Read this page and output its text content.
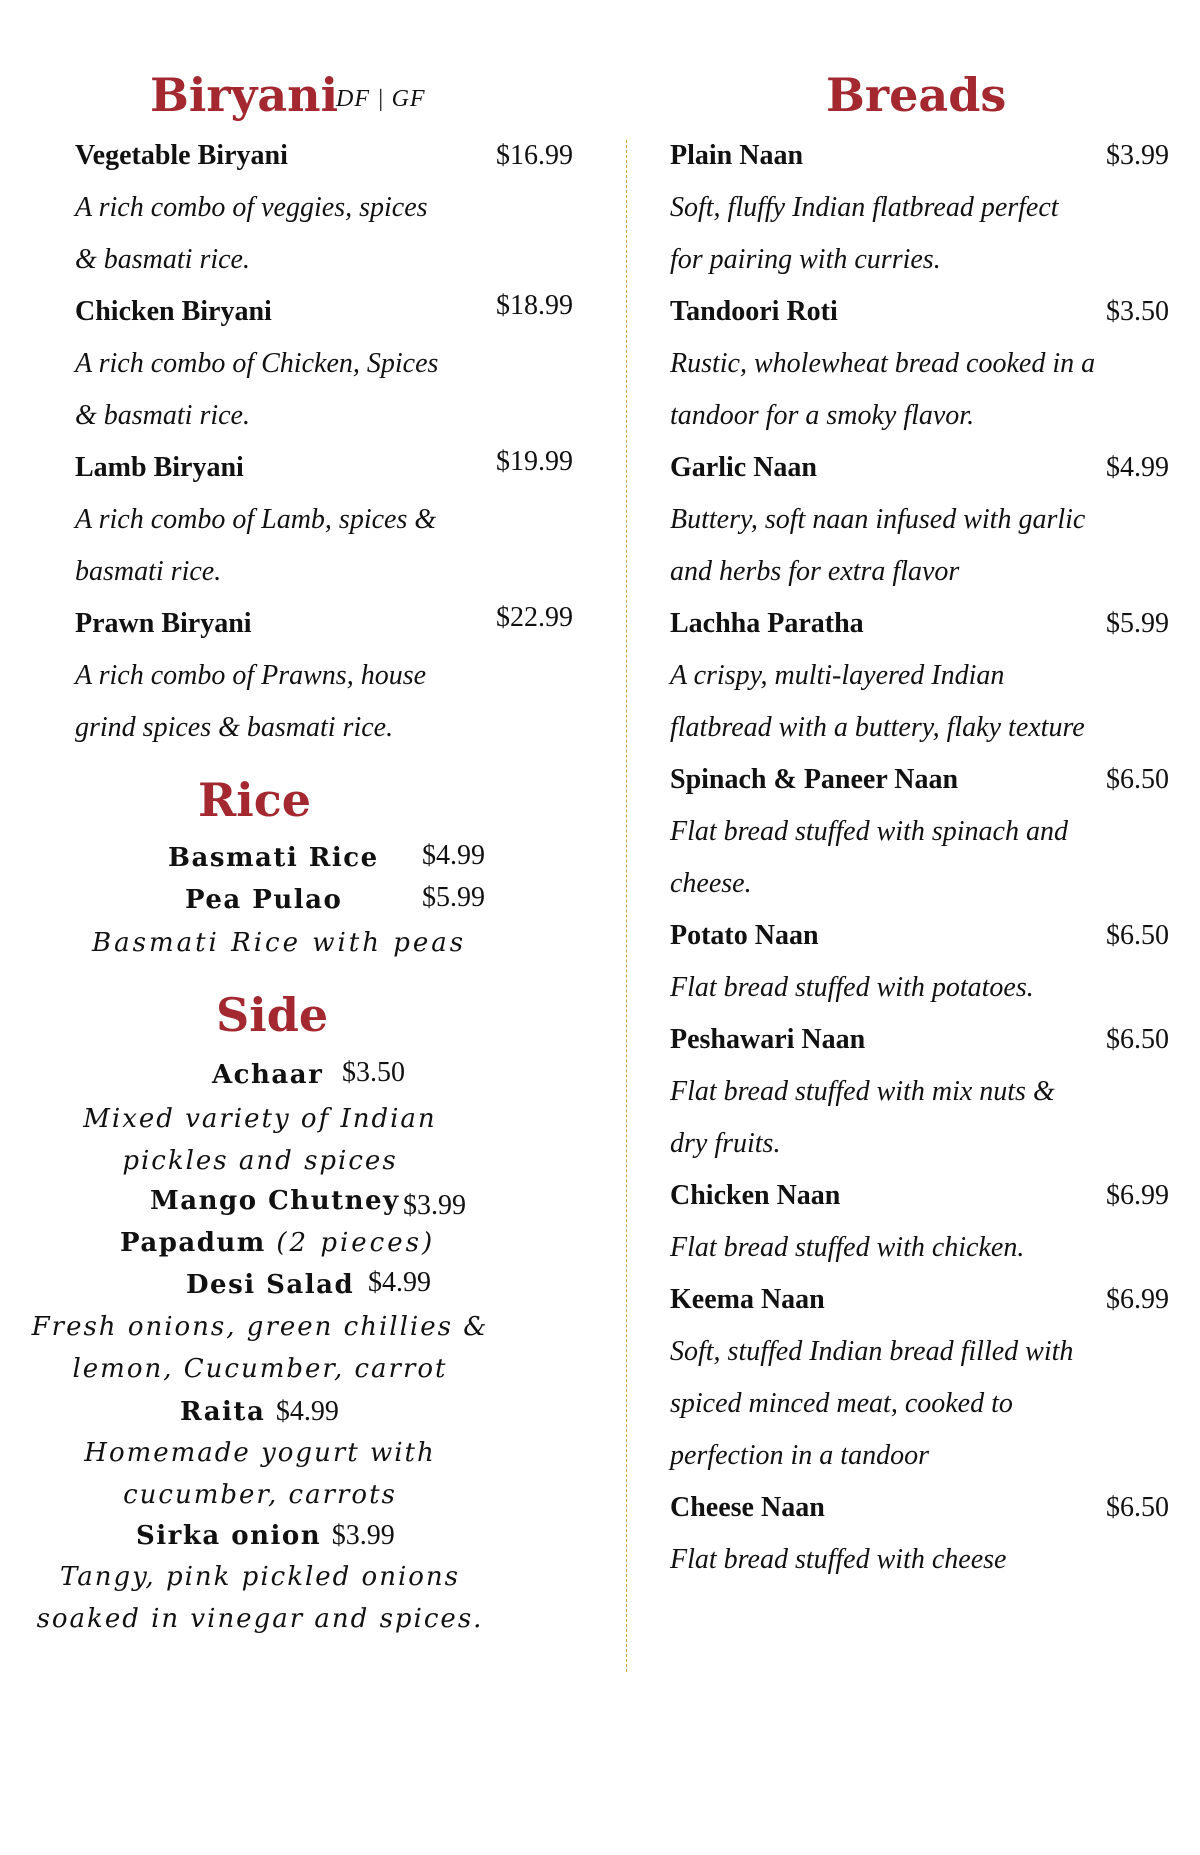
Biryani
DF | GF
Vegetable Biryani	$16.99
A rich combo of veggies, spices
& basmati rice.
Chicken Biryani	$18.99
A rich combo of Chicken, Spices
& basmati rice.
Lamb Biryani	$19.99
A rich combo of Lamb, spices &
basmati rice.
Prawn Biryani	$22.99
A rich combo of Prawns, house
grind spices & basmati rice.
Rice
Basmati Rice $4.99
Pea Pulao	$5.99
Basmati Rice with peas
Side
Achaar $3.50
Mixed variety of Indian
pickles and spices
Mango Chutney $3.99
Papadum (2 pieces)
Desi Salad $4.99
Fresh onions, green chillies &
lemon, Cucumber, carrot
Raita $4.99
Homemade yogurt with
cucumber, carrots
Sirka onion $3.99
Tangy, pink pickled onions
soaked in vinegar and spices.
Breads
Plain Naan	$3.99
Soft, fluffy Indian flatbread perfect
for pairing with curries.
Tandoori Roti	$3.50
Rustic, wholewheat bread cooked in a
tandoor for a smoky flavor.
Garlic Naan	$4.99
Buttery, soft naan infused with garlic
and herbs for extra flavor
Lachha Paratha	$5.99
A crispy, multi-layered Indian
flatbread with a buttery, flaky texture
Spinach & Paneer Naan	$6.50
Flat bread stuffed with spinach and
cheese.
Potato Naan	$6.50
Flat bread stuffed with potatoes.
Peshawari Naan	$6.50
Flat bread stuffed with mix nuts &
dry fruits.
Chicken Naan	$6.99
Flat bread stuffed with chicken.
Keema Naan	$6.99
Soft, stuffed Indian bread filled with
spiced minced meat, cooked to
perfection in a tandoor
Cheese Naan	$6.50
Flat bread stuffed with cheese
